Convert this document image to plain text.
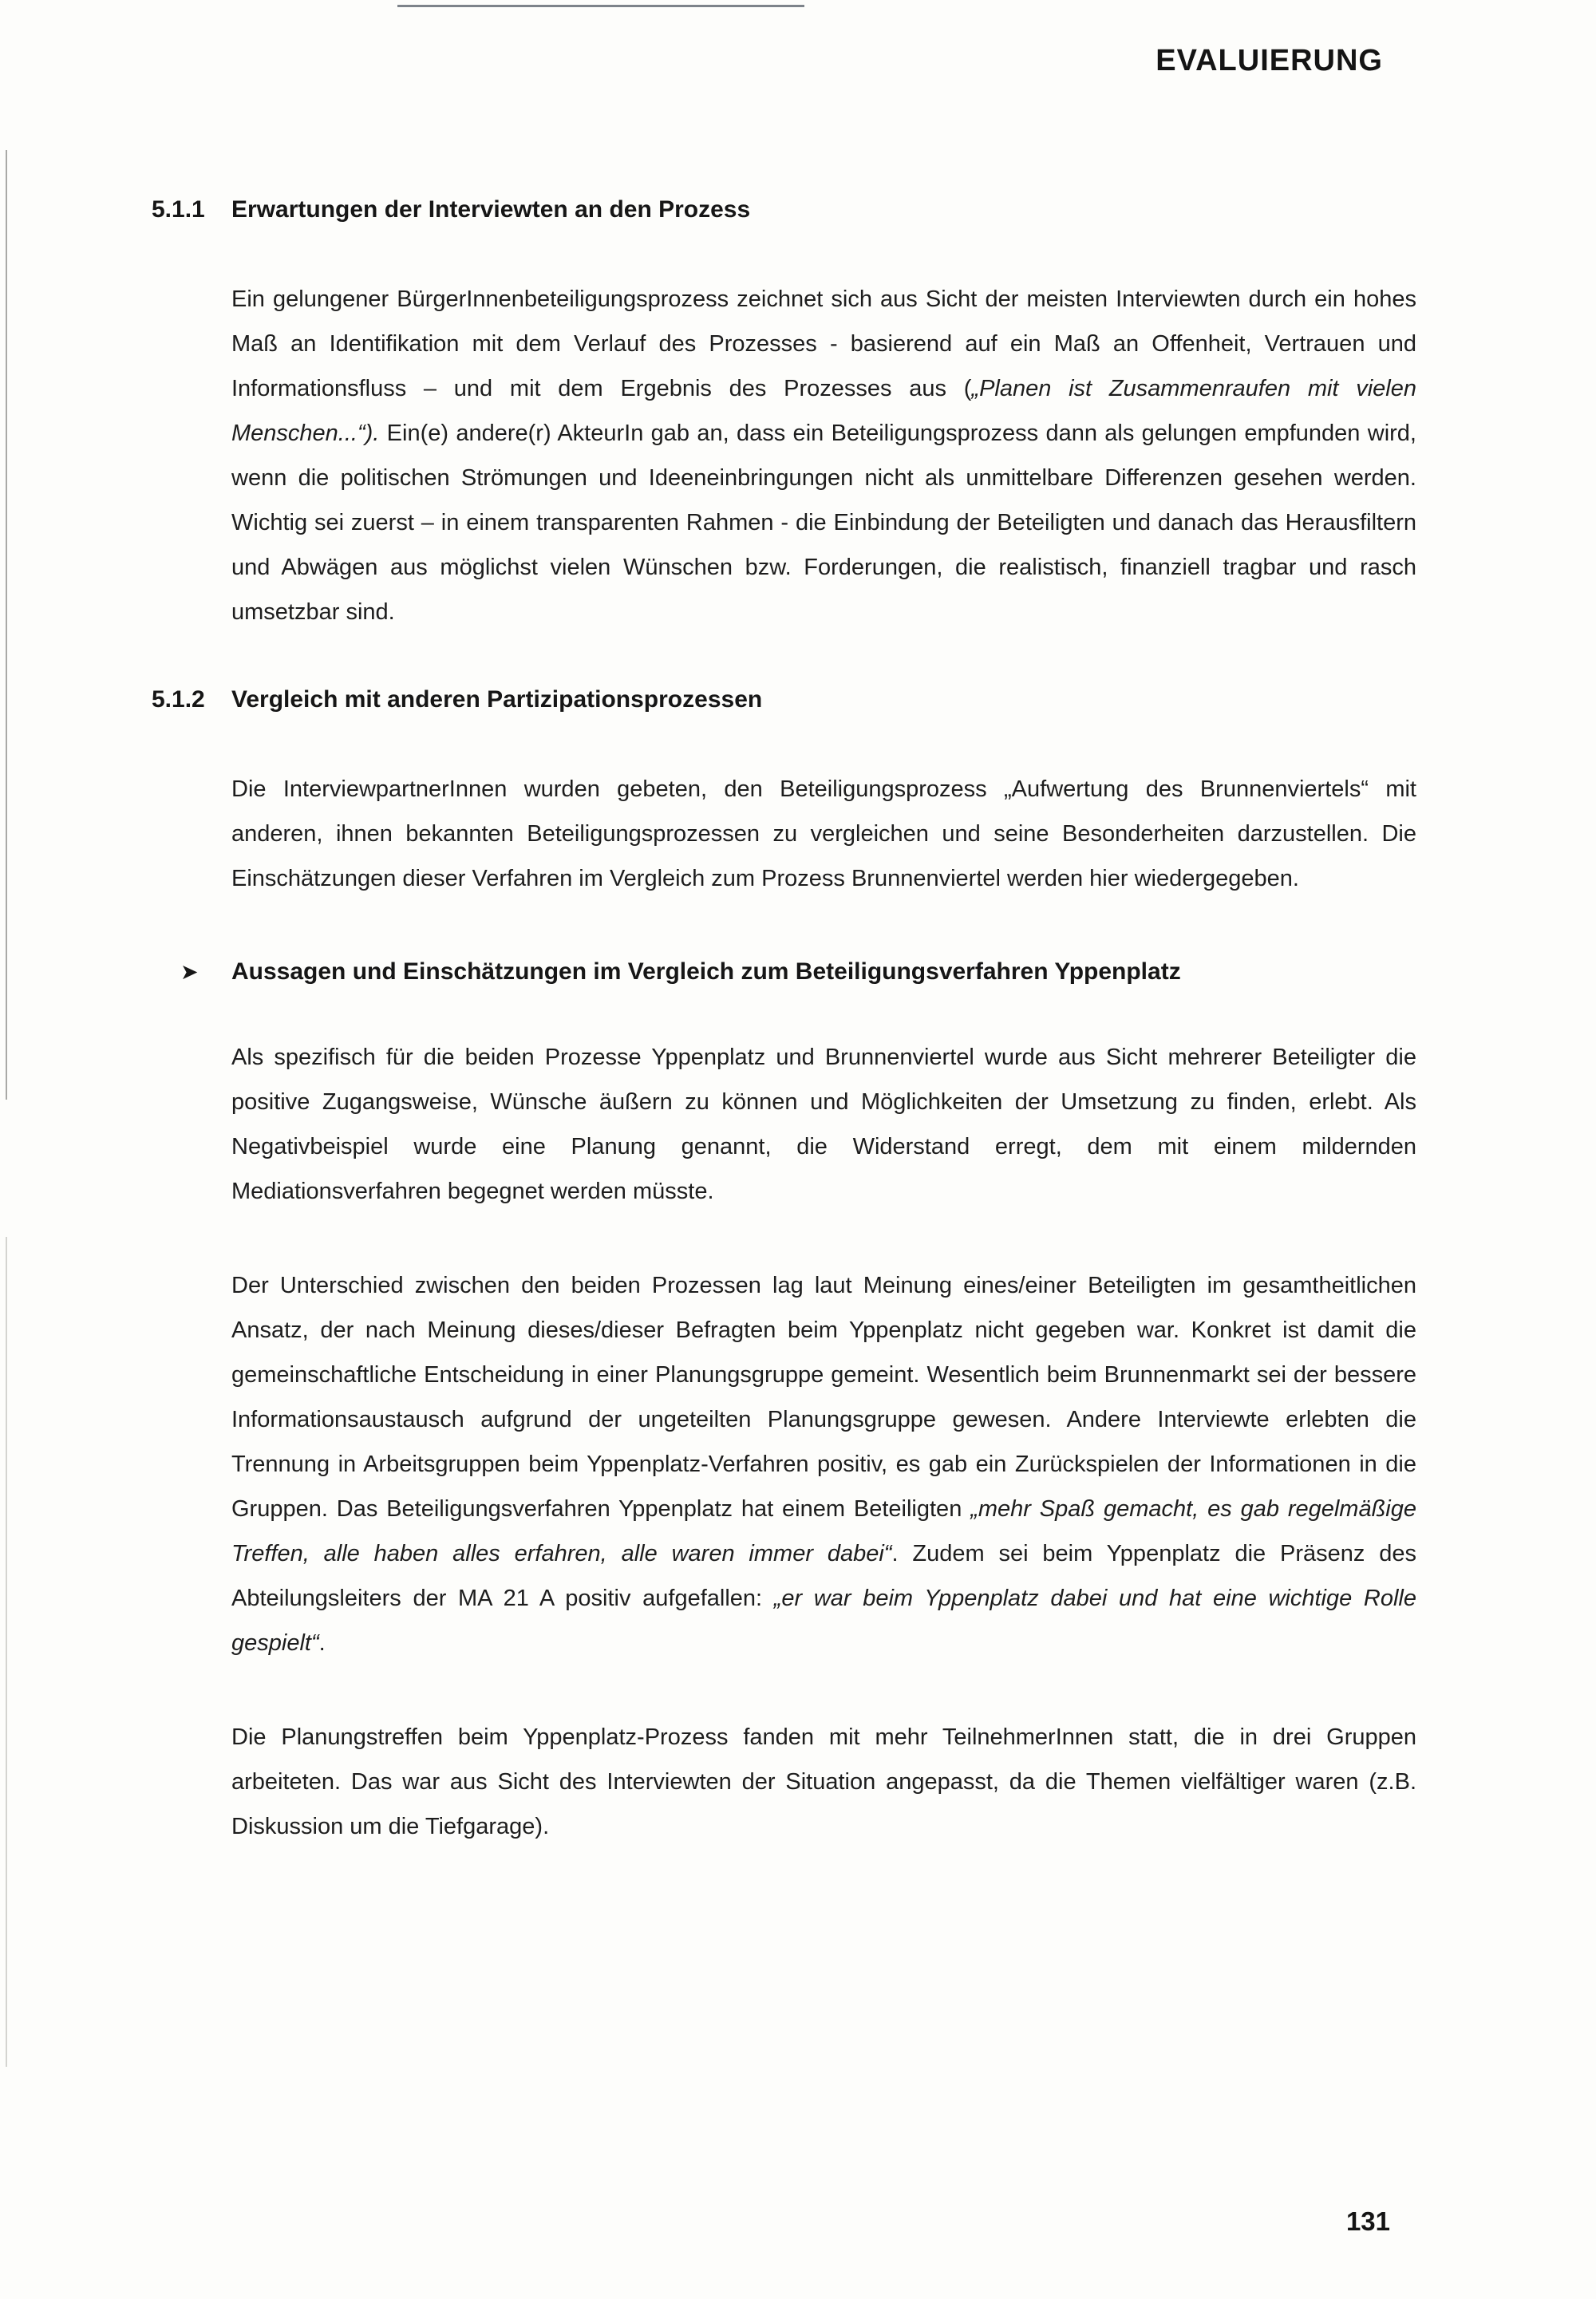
EVALUIERUNG
5.1.1	Erwartungen der Interviewten an den Prozess

Ein gelungener BürgerInnenbeteiligungsprozess zeichnet sich aus Sicht der meisten Interviewten durch ein hohes Maß an Identifikation mit dem Verlauf des Prozesses - basierend auf ein Maß an Offenheit, Vertrauen und Informationsfluss – und mit dem Ergebnis des Prozesses aus („Planen ist Zusammenraufen mit vielen Menschen...“). Ein(e) andere(r) AkteurIn gab an, dass ein Beteiligungsprozess dann als gelungen empfunden wird, wenn die politischen Strömungen und Ideeneinbringungen nicht als unmittelbare Differenzen gesehen werden. Wichtig sei zuerst – in einem transparenten Rahmen - die Einbindung der Beteiligten und danach das Herausfiltern und Abwägen aus möglichst vielen Wünschen bzw. Forderungen, die realistisch, finanziell tragbar und rasch umsetzbar sind.

5.1.2	Vergleich mit anderen Partizipationsprozessen

Die InterviewpartnerInnen wurden gebeten, den Beteiligungsprozess „Aufwertung des Brunnenviertels“ mit anderen, ihnen bekannten Beteiligungsprozessen zu vergleichen und seine Besonderheiten darzustellen. Die Einschätzungen dieser Verfahren im Vergleich zum Prozess Brunnenviertel werden hier wiedergegeben.

➤	Aussagen und Einschätzungen im Vergleich zum Beteiligungsverfahren Yppenplatz

Als spezifisch für die beiden Prozesse Yppenplatz und Brunnenviertel wurde aus Sicht mehrerer Beteiligter die positive Zugangsweise, Wünsche äußern zu können und Möglichkeiten der Umsetzung zu finden, erlebt. Als Negativbeispiel wurde eine Planung genannt, die Widerstand erregt, dem mit einem mildernden Mediationsverfahren begegnet werden müsste.

Der Unterschied zwischen den beiden Prozessen lag laut Meinung eines/einer Beteiligten im gesamtheitlichen Ansatz, der nach Meinung dieses/dieser Befragten beim Yppenplatz nicht gegeben war. Konkret ist damit die gemeinschaftliche Entscheidung in einer Planungsgruppe gemeint. Wesentlich beim Brunnenmarkt sei der bessere Informationsaustausch aufgrund der ungeteilten Planungsgruppe gewesen. Andere Interviewte erlebten die Trennung in Arbeitsgruppen beim Yppenplatz-Verfahren positiv, es gab ein Zurückspielen der Informationen in die Gruppen. Das Beteiligungsverfahren Yppenplatz hat einem Beteiligten „mehr Spaß gemacht, es gab regelmäßige Treffen, alle haben alles erfahren, alle waren immer dabei“. Zudem sei beim Yppenplatz die Präsenz des Abteilungsleiters der MA 21 A positiv aufgefallen: „er war beim Yppenplatz dabei und hat eine wichtige Rolle gespielt“.

Die Planungstreffen beim Yppenplatz-Prozess fanden mit mehr TeilnehmerInnen statt, die in drei Gruppen arbeiteten. Das war aus Sicht des Interviewten der Situation angepasst, da die Themen vielfältiger waren (z.B. Diskussion um die Tiefgarage).

131
